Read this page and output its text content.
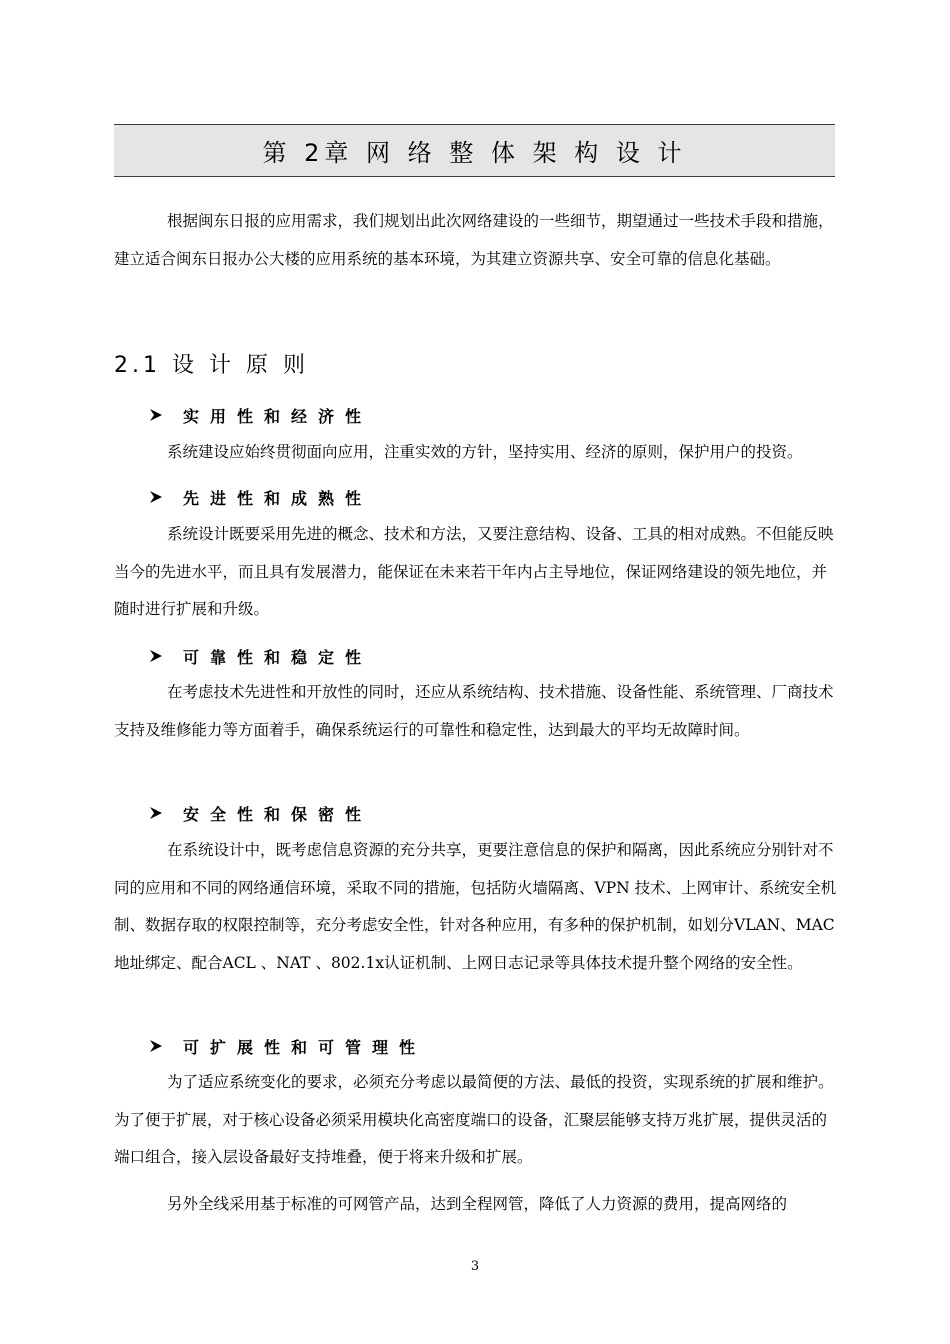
第 2章 网 络 整 体 架 构 设 计

根据闽东日报的应用需求，我们规划出此次网络建设的一些细节，期望通过一些技术手段和措施，建立适合闽东日报办公大楼的应用系统的基本环境，为其建立资源共享、安全可靠的信息化基础。

2.1 设 计 原 则
实用性和经济性

系统建设应始终贯彻面向应用，注重实效的方针，坚持实用、经济的原则，保护用户的投资。

先进性和成熟性

系统设计既要采用先进的概念、技术和方法，又要注意结构、设备、工具的相对成熟。不但能反映当今的先进水平，而且具有发展潜力，能保证在未来若干年内占主导地位，保证网络建设的领先地位，并随时进行扩展和升级。

可靠性和稳定性

在考虑技术先进性和开放性的同时，还应从系统结构、技术措施、设备性能、系统管理、厂商技术支持及维修能力等方面着手，确保系统运行的可靠性和稳定性，达到最大的平均无故障时间。

安全性和保密性

在系统设计中，既考虑信息资源的充分共享，更要注意信息的保护和隔离，因此系统应分别针对不同的应用和不同的网络通信环境，采取不同的措施，包括防火墙隔离、VPN 技术、上网审计、系统安全机制、数据存取的权限控制等，充分考虑安全性，针对各种应用，有多种的保护机制，如划分VLAN、MAC 地址绑定、配合ACL 、NAT 、802.1x认证机制、上网日志记录等具体技术提升整个网络的安全性。

可扩展性和可管理性

为了适应系统变化的要求，必须充分考虑以最简便的方法、最低的投资，实现系统的扩展和维护。为了便于扩展，对于核心设备必须采用模块化高密度端口的设备，汇聚层能够支持万兆扩展，提供灵活的端口组合，接入层设备最好支持堆叠，便于将来升级和扩展。

另外全线采用基于标准的可网管产品，达到全程网管，降低了人力资源的费用，提高网络的

3
